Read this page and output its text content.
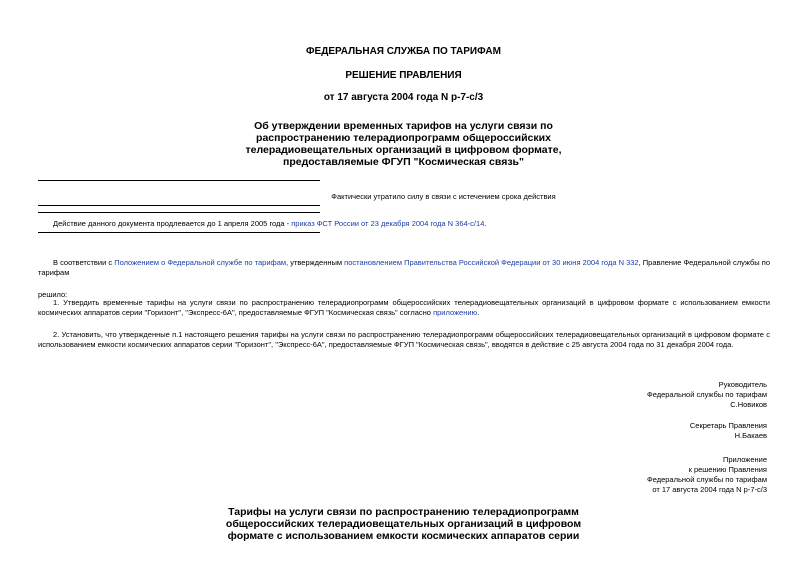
ФЕДЕРАЛЬНАЯ СЛУЖБА ПО ТАРИФАМ
РЕШЕНИЕ ПРАВЛЕНИЯ
от 17 августа 2004 года N р-7-с/3
Об утверждении временных тарифов на услуги связи по
распространению телерадиопрограмм общероссийских
телерадиовещательных организаций в цифровом формате,
предоставляемые ФГУП "Космическая связь"
Фактически утратило силу в связи с истечением срока действия
Действие данного документа продлевается до 1 апреля 2005 года - приказ ФСТ России от 23 декабря 2004 года N 364-с/14.
В соответствии с Положением о Федеральной службе по тарифам, утвержденным постановлением Правительства Российской Федерации от 30 июня 2004 года N 332, Правление Федеральной службы по тарифам
решило:
1. Утвердить временные тарифы на услуги связи по распространению телерадиопрограмм общероссийских телерадиовещательных организаций в цифровом формате с использованием емкости космических аппаратов серии "Горизонт", "Экспресс-6А", предоставляемые ФГУП "Космическая связь" согласно приложению.
2. Установить, что утвержденные п.1 настоящего решения тарифы на услуги связи по распространению телерадиопрограмм общероссийских телерадиовещательных организаций в цифровом формате с использованием емкости космических аппаратов серии "Горизонт", "Экспресс-6А", предоставляемые ФГУП "Космическая связь", вводятся в действие с 25 августа 2004 года по 31 декабря 2004 года.
Руководитель
Федеральной службы по тарифам
С.Новиков
Секретарь Правления
Н.Бакаев
Приложение
к решению Правления
Федеральной службы по тарифам
от 17 августа 2004 года N р-7-с/3
Тарифы на услуги связи по распространению телерадиопрограмм
общероссийских телерадиовещательных организаций в цифровом
формате с использованием емкости космических аппаратов серии
